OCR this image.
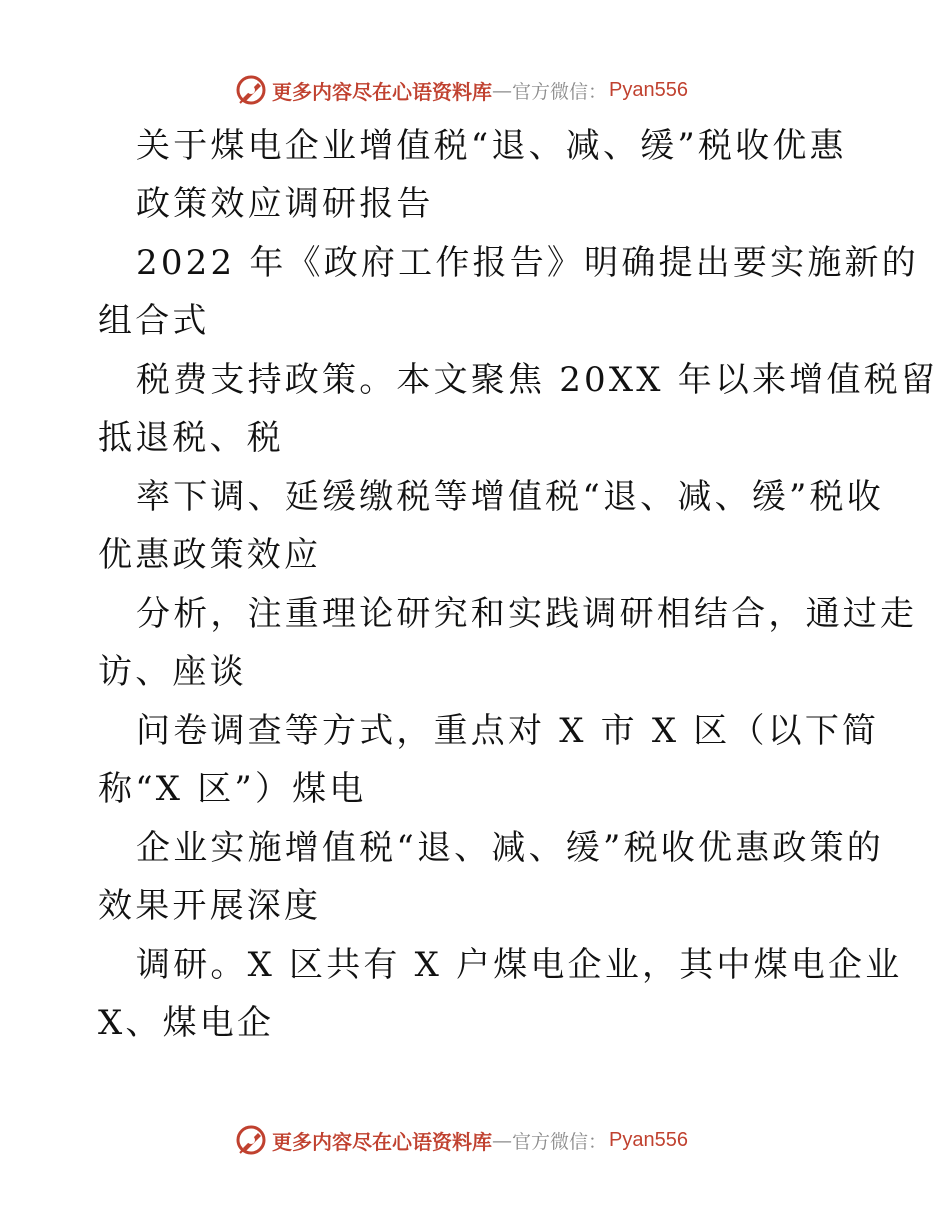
更多内容尽在心语资料库 — 官方微信： Pyan556
关于煤电企业增值税“退、减、缓”税收优惠
政策效应调研报告
2022 年《政府工作报告》明确提出要实施新的
组合式
税费支持政策。本文聚焦 20XX 年以来增值税留
抵退税、税
率下调、延缓缴税等增值税“退、减、缓”税收
优惠政策效应
分析，注重理论研究和实践调研相结合，通过走
访、座谈
问卷调查等方式，重点对 X 市 X 区（以下简
称“X 区”）煤电
企业实施增值税“退、减、缓”税收优惠政策的
效果开展深度
调研。X 区共有 X 户煤电企业，其中煤电企业
X、煤电企
更多内容尽在心语资料库 — 官方微信： Pyan556
